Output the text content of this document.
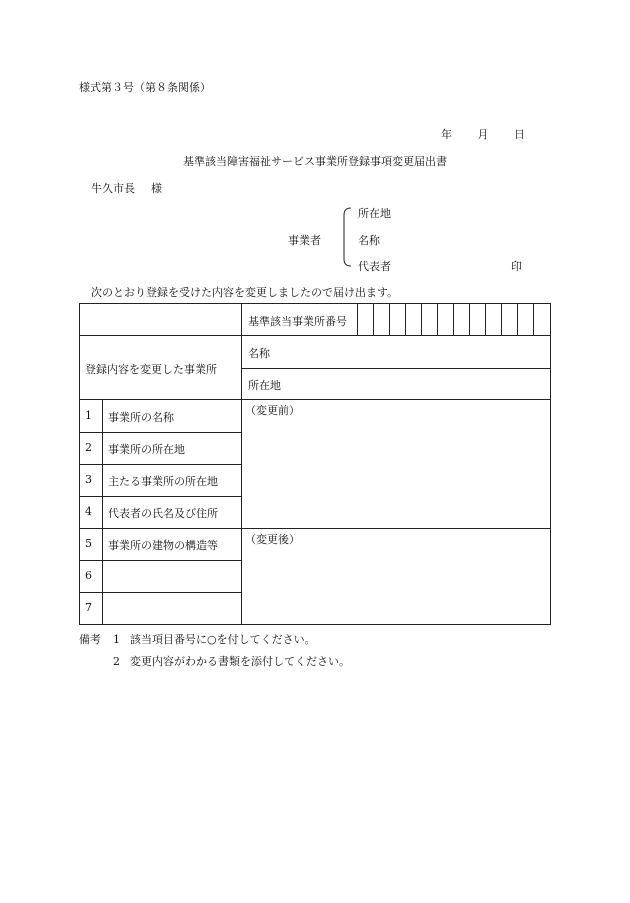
様式第３号（第８条関係）
年 月 日
基準該当障害福祉サービス事業所登録事項変更届出書
牛久市長 様
事業者
所在地
名称
代表者	印
次のとおり登録を受けた内容を変更しましたので届け出ます。
基準該当事業所番号
登録内容を変更した事業所
名称
所在地
（変更前）
（変更後）
1 事業所の名称
2 事業所の所在地
3 主たる事業所の所在地
4 代表者の氏名及び住所
5 事業所の建物の構造等
6
7
備考 1 該当項目番号に○を付してください。
2 変更内容がわかる書類を添付してください。
